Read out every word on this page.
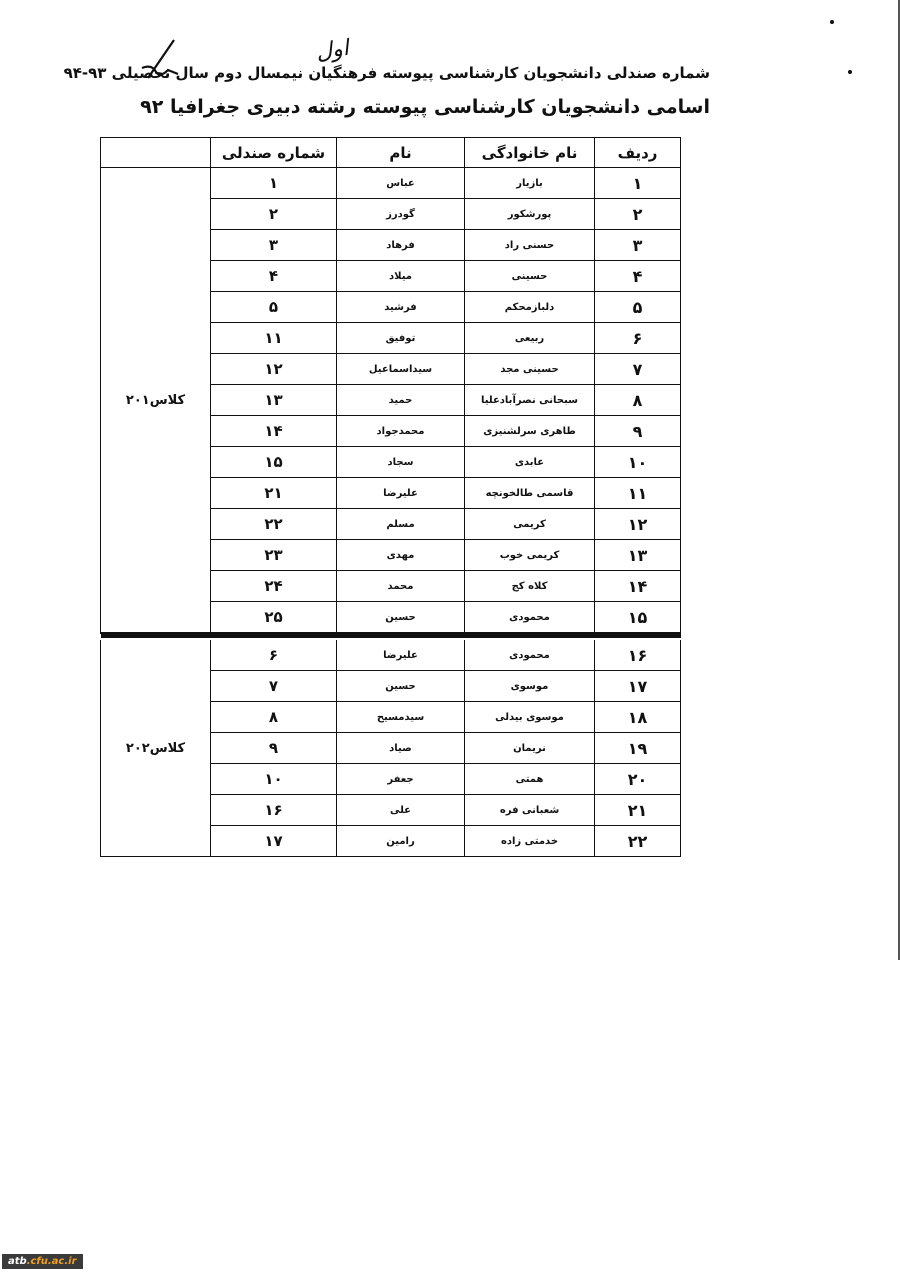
اول
شماره صندلی دانشجویان کارشناسی پیوسته فرهنگیان نیمسال دوم سال تحصیلی ۹۳-۹۴
اسامی دانشجویان کارشناسی پیوسته رشته دبیری جغرافیا ۹۲
ردیف	نام خانوادگی	نام	شماره صندلی	
۱	بازیار	عباس	۱	کلاس۲۰۱
۲	پورشکور	گودرز	۲	
۳	حسنی راد	فرهاد	۳	
۴	حسینی	میلاد	۴	
۵	دلبازمحکم	فرشید	۵	
۶	ربیعی	توفیق	۱۱	
۷	حسینی مجد	سیداسماعیل	۱۲	
۸	سبحانی نصرآبادعلیا	حمید	۱۳	
۹	طاهری سرلشنیزی	محمدجواد	۱۴	
۱۰	عابدی	سجاد	۱۵	
۱۱	قاسمی طالخونچه	علیرضا	۲۱	
۱۲	کریمی	مسلم	۲۲	
۱۳	کریمی خوب	مهدی	۲۳	
۱۴	کلاه کج	محمد	۲۴	
۱۵	محمودی	حسین	۲۵	

۱۶	محمودی	علیرضا	۶	کلاس۲۰۲
۱۷	موسوی	حسین	۷	
۱۸	موسوی بیدلی	سیدمسیح	۸	
۱۹	نریمان	صیاد	۹	
۲۰	همتی	جعفر	۱۰	
۲۱	شعبانی فره	علی	۱۶	
۲۲	خدمتی زاده	رامین	۱۷	
atb.cfu.ac.ir
